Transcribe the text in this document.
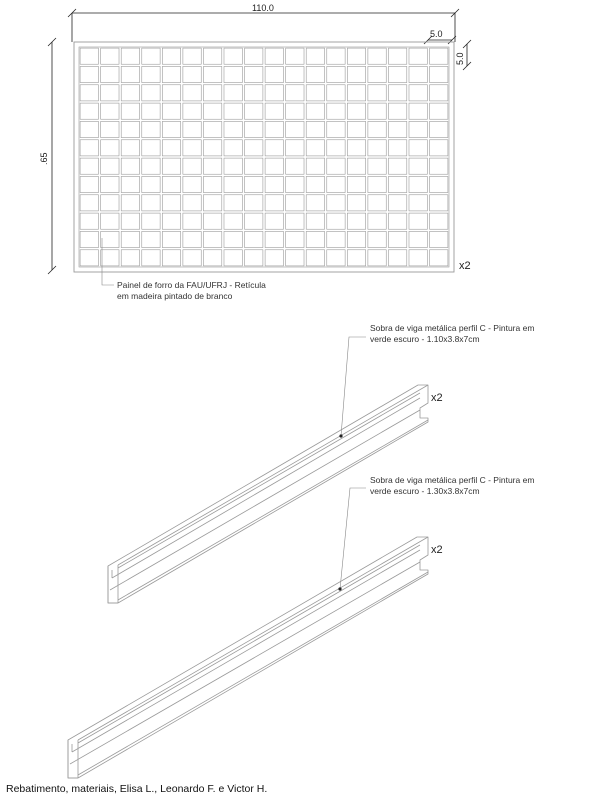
110.0
.65
5.0
5.0
x2
Painel de forro da FAU/UFRJ - Retícula
em madeira pintado de branco
Sobra de viga metálica perfil C - Pintura em
verde escuro - 1.10x3.8x7cm
x2
Sobra de viga metálica perfil C - Pintura em
verde escuro - 1.30x3.8x7cm
x2
Rebatimento, materiais, Elisa L., Leonardo F. e Victor H.
